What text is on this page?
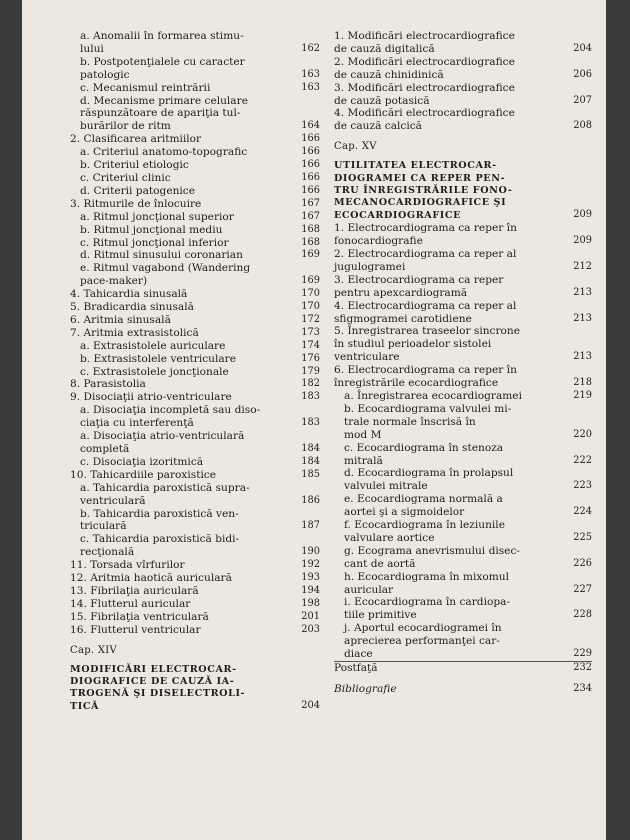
a. Anomalii în formarea stimu-
lului	162
b. Postpotenţialele cu caracter
patologic	163
c. Mecanismul reintrării	163
d. Mecanisme primare celulare
răspunzătoare de apariţia tul-
burărilor de ritm	164
2. Clasificarea aritmiilor	166
a. Criteriul anatomo-topografic	166
b. Criteriul etiologic	166
c. Criteriul clinic	166
d. Criterii patogenice	166
3. Ritmurile de înlocuire	167
a. Ritmul joncţional superior	167
b. Ritmul joncţional mediu	168
c. Ritmul joncţional inferior	168
d. Ritmul sinusului coronarian	169
e. Ritmul vagabond (Wandering
pace-maker)	169
4. Tahicardia sinusală	170
5. Bradicardia sinusală	170
6. Aritmia sinusală	172
7. Aritmia extrasistolică	173
a. Extrasistolele auriculare	174
b. Extrasistolele ventriculare	176
c. Extrasistolele joncţionale	179
8. Parasistolia	182
9. Disociaţii atrio-ventriculare	183
a. Disociaţia incompletă sau diso-
ciaţia cu interferenţă	183
a. Disociaţia atrio-ventriculară
completă	184
c. Disociaţia izoritmică	184
10. Tahicardiile paroxistice	185
a. Tahicardia paroxistică supra-
ventriculară	186
b. Tahicardia paroxistică ven-
triculară	187
c. Tahicardia paroxistică bidi-
recţională	190
11. Torsada vîrfurilor	192
12. Aritmia haotică auriculară	193
13. Fibrilaţia auriculară	194
14. Flutterul auricular	198
15. Fibrilaţia ventriculară	201
16. Flutterul ventricular	203
Cap. XIV
MODIFICĂRI ELECTROCAR-
DIOGRAFICE DE CAUZĂ IA-
TROGENĂ ŞI DISELECTROLI-
TICĂ	204
1. Modificări electrocardiografice
de cauză digitalică	204
2. Modificări electrocardiografice
de cauză chinidinică	206
3. Modificări electrocardiografice
de cauză potasică	207
4. Modificări electrocardiografice
de cauză calcică	208
Cap. XV
UTILITATEA ELECTROCAR-
DIOGRAMEI CA REPER PEN-
TRU ÎNREGISTRĂRILE FONO-
MECANOCARDIOGRAFICE ŞI
ECOCARDIOGRAFICE	209
1. Electrocardiograma ca reper în
fonocardiografie	209
2. Electrocardiograma ca reper al
jugulogramei	212
3. Electrocardiograma ca reper
pentru apexcardiogramă	213
4. Electrocardiograma ca reper al
sfigmogramei carotidiene	213
5. Înregistrarea traseelor sincrone
în studiul perioadelor sistolei
ventriculare	213
6. Electrocardiograma ca reper în
înregistrările ecocardiografice	218
a. Înregistrarea ecocardiogramei	219
b. Ecocardiograma valvulei mi-
trale normale înscrisă în
mod M	220
c. Ecocardiograma în stenoza
mitrală	222
d. Ecocardiograma în prolapsul
valvulei mitrale	223
e. Ecocardiograma normală a
aortei şi a sigmoidelor	224
f. Ecocardiograma în leziunile
valvulare aortice	225
g. Ecograma anevrismului disec-
cant de aortă	226
h. Ecocardiograma în mixomul
auricular	227
i. Ecocardiograma în cardiopa-
tiile primitive	228
j. Aportul ecocardiogramei în
aprecierea performanţei car-
diace	229
Postfaţă	232
Bibliografie	234
